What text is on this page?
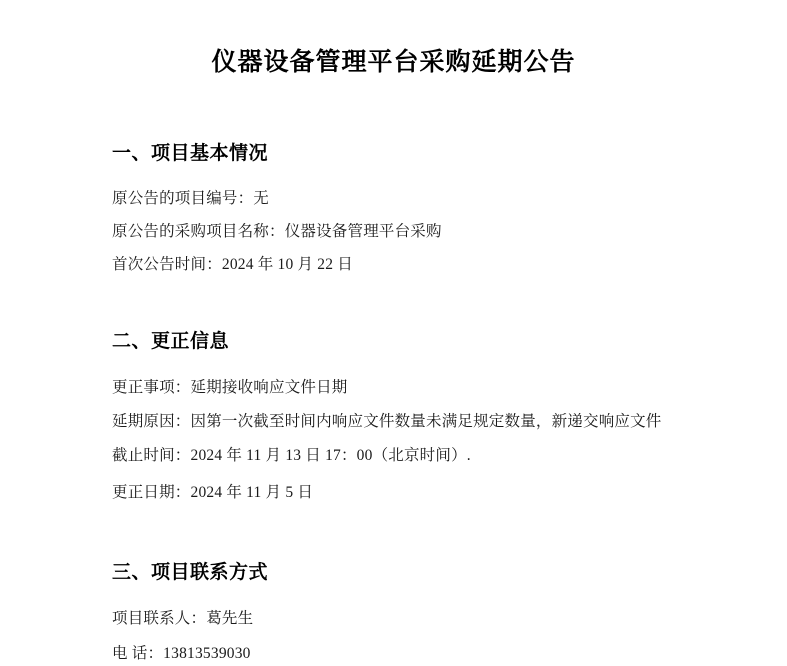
仪器设备管理平台采购延期公告
一、项目基本情况
原公告的项目编号：无
原公告的采购项目名称：仪器设备管理平台采购
首次公告时间：2024 年 10 月 22 日
二、更正信息
更正事项：延期接收响应文件日期
延期原因：因第一次截至时间内响应文件数量未满足规定数量，新递交响应文件
截止时间：2024 年 11 月 13 日 17：00（北京时间）.
更正日期：2024 年 11 月 5 日
三、项目联系方式
项目联系人：葛先生
电 话：13813539030
